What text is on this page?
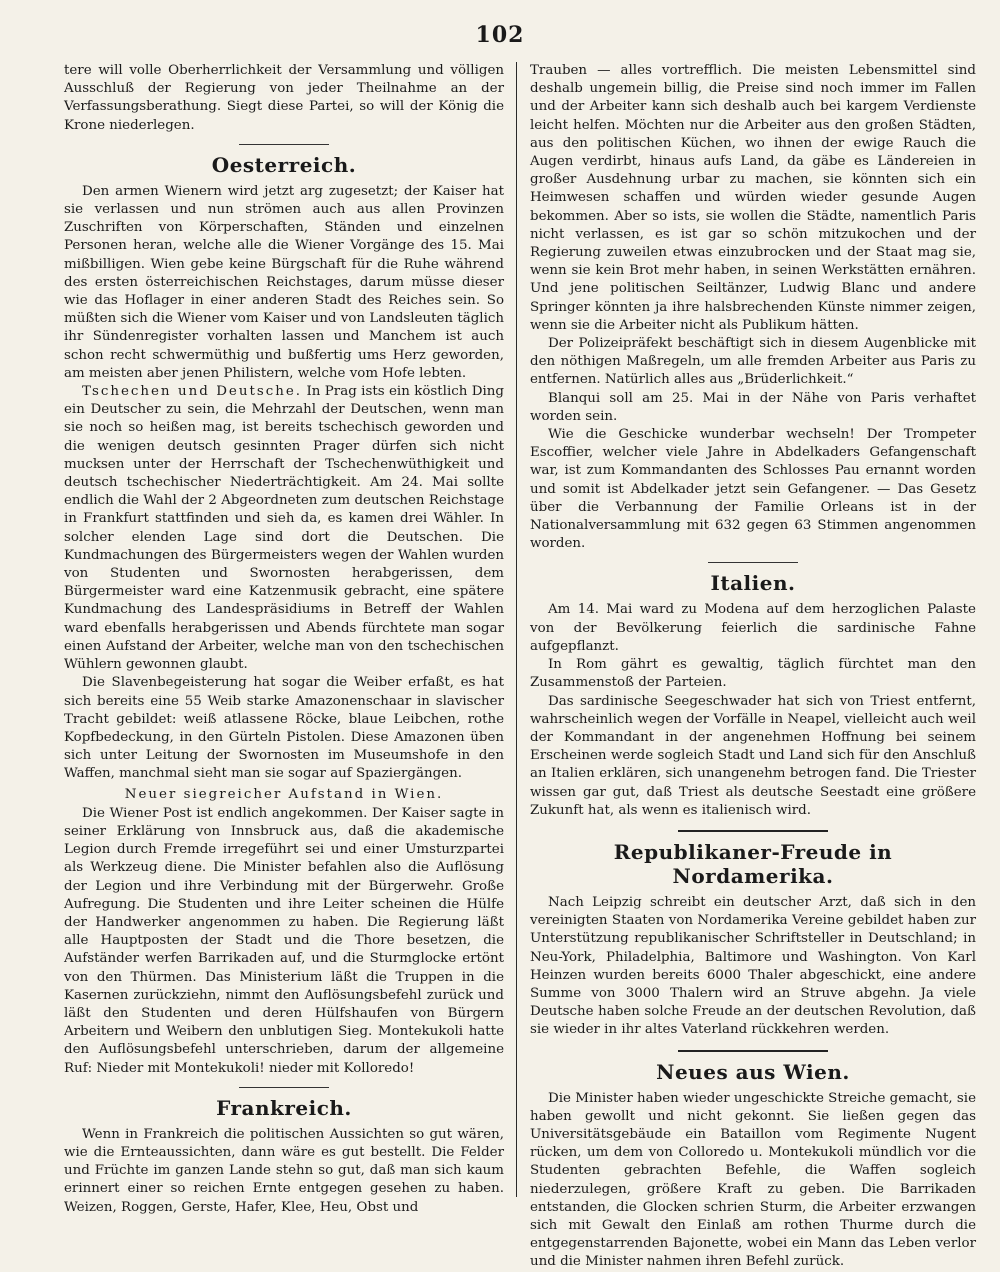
102

tere will volle Oberherrlichkeit der Versammlung und völligen Ausschluß der Regierung von jeder Theilnahme an der Verfassungsberathung. Siegt diese Partei, so will der König die Krone niederlegen.

Oesterreich.

Den armen Wienern wird jetzt arg zugesetzt; der Kaiser hat sie verlassen und nun strömen auch aus allen Provinzen Zuschriften von Körperschaften, Ständen und einzelnen Personen heran, welche alle die Wiener Vorgänge des 15. Mai mißbilligen. Wien gebe keine Bürgschaft für die Ruhe während des ersten österreichischen Reichstages, darum müsse dieser wie das Hoflager in einer anderen Stadt des Reiches sein. So müßten sich die Wiener vom Kaiser und von Landsleuten täglich ihr Sündenregister vorhalten lassen und Manchem ist auch schon recht schwermüthig und bußfertig ums Herz geworden, am meisten aber jenen Philistern, welche vom Hofe lebten.

Tschechen und Deutsche. In Prag ists ein köstlich Ding ein Deutscher zu sein, die Mehrzahl der Deutschen, wenn man sie noch so heißen mag, ist bereits tschechisch geworden und die wenigen deutsch gesinnten Prager dürfen sich nicht mucksen unter der Herrschaft der Tschechenwüthigkeit und deutsch tschechischer Niederträchtigkeit. Am 24. Mai sollte endlich die Wahl der 2 Abgeordneten zum deutschen Reichstage in Frankfurt stattfinden und sieh da, es kamen drei Wähler. In solcher elenden Lage sind dort die Deutschen. Die Kundmachungen des Bürgermeisters wegen der Wahlen wurden von Studenten und Swornosten herabgerissen, dem Bürgermeister ward eine Katzenmusik gebracht, eine spätere Kundmachung des Landespräsidiums in Betreff der Wahlen ward ebenfalls herabgerissen und Abends fürchtete man sogar einen Aufstand der Arbeiter, welche man von den tschechischen Wühlern gewonnen glaubt.

Die Slavenbegeisterung hat sogar die Weiber erfaßt, es hat sich bereits eine 55 Weib starke Amazonenschaar in slavischer Tracht gebildet: weiß atlassene Röcke, blaue Leibchen, rothe Kopfbedeckung, in den Gürteln Pistolen. Diese Amazonen üben sich unter Leitung der Swornosten im Museumshofe in den Waffen, manchmal sieht man sie sogar auf Spaziergängen.

Neuer siegreicher Aufstand in Wien.

Die Wiener Post ist endlich angekommen. Der Kaiser sagte in seiner Erklärung von Innsbruck aus, daß die akademische Legion durch Fremde irregeführt sei und einer Umsturzpartei als Werkzeug diene. Die Minister befahlen also die Auflösung der Legion und ihre Verbindung mit der Bürgerwehr. Große Aufregung. Die Studenten und ihre Leiter scheinen die Hülfe der Handwerker angenommen zu haben. Die Regierung läßt alle Hauptposten der Stadt und die Thore besetzen, die Aufständer werfen Barrikaden auf, und die Sturmglocke ertönt von den Thürmen. Das Ministerium läßt die Truppen in die Kasernen zurückziehn, nimmt den Auflösungsbefehl zurück und läßt den Studenten und deren Hülfshaufen von Bürgern Arbeitern und Weibern den unblutigen Sieg. Montekukoli hatte den Auflösungsbefehl unterschrieben, darum der allgemeine Ruf: Nieder mit Montekukoli! nieder mit Kolloredo!

Frankreich.

Wenn in Frankreich die politischen Aussichten so gut wären, wie die Ernteaussichten, dann wäre es gut bestellt. Die Felder und Früchte im ganzen Lande stehn so gut, daß man sich kaum erinnert einer so reichen Ernte entgegen gesehen zu haben. Weizen, Roggen, Gerste, Hafer, Klee, Heu, Obst und

Trauben — alles vortrefflich. Die meisten Lebensmittel sind deshalb ungemein billig, die Preise sind noch immer im Fallen und der Arbeiter kann sich deshalb auch bei kargem Verdienste leicht helfen. Möchten nur die Arbeiter aus den großen Städten, aus den politischen Küchen, wo ihnen der ewige Rauch die Augen verdirbt, hinaus aufs Land, da gäbe es Ländereien in großer Ausdehnung urbar zu machen, sie könnten sich ein Heimwesen schaffen und würden wieder gesunde Augen bekommen. Aber so ists, sie wollen die Städte, namentlich Paris nicht verlassen, es ist gar so schön mitzukochen und der Regierung zuweilen etwas einzubrocken und der Staat mag sie, wenn sie kein Brot mehr haben, in seinen Werkstätten ernähren. Und jene politischen Seiltänzer, Ludwig Blanc und andere Springer könnten ja ihre halsbrechenden Künste nimmer zeigen, wenn sie die Arbeiter nicht als Publikum hätten.

Der Polizeipräfekt beschäftigt sich in diesem Augenblicke mit den nöthigen Maßregeln, um alle fremden Arbeiter aus Paris zu entfernen. Natürlich alles aus „Brüderlichkeit.“

Blanqui soll am 25. Mai in der Nähe von Paris verhaftet worden sein.

Wie die Geschicke wunderbar wechseln! Der Trompeter Escoffier, welcher viele Jahre in Abdelkaders Gefangenschaft war, ist zum Kommandanten des Schlosses Pau ernannt worden und somit ist Abdelkader jetzt sein Gefangener. — Das Gesetz über die Verbannung der Familie Orleans ist in der Nationalversammlung mit 632 gegen 63 Stimmen angenommen worden.

Italien.

Am 14. Mai ward zu Modena auf dem herzoglichen Palaste von der Bevölkerung feierlich die sardinische Fahne aufgepflanzt.

In Rom gährt es gewaltig, täglich fürchtet man den Zusammenstoß der Parteien.

Das sardinische Seegeschwader hat sich von Triest entfernt, wahrscheinlich wegen der Vorfälle in Neapel, vielleicht auch weil der Kommandant in der angenehmen Hoffnung bei seinem Erscheinen werde sogleich Stadt und Land sich für den Anschluß an Italien erklären, sich unangenehm betrogen fand. Die Triester wissen gar gut, daß Triest als deutsche Seestadt eine größere Zukunft hat, als wenn es italienisch wird.

Republikaner-Freude in Nordamerika.

Nach Leipzig schreibt ein deutscher Arzt, daß sich in den vereinigten Staaten von Nordamerika Vereine gebildet haben zur Unterstützung republikanischer Schriftsteller in Deutschland; in Neu-York, Philadelphia, Baltimore und Washington. Von Karl Heinzen wurden bereits 6000 Thaler abgeschickt, eine andere Summe von 3000 Thalern wird an Struve abgehn. Ja viele Deutsche haben solche Freude an der deutschen Revolution, daß sie wieder in ihr altes Vaterland rückkehren werden.

Neues aus Wien.

Die Minister haben wieder ungeschickte Streiche gemacht, sie haben gewollt und nicht gekonnt. Sie ließen gegen das Universitätsgebäude ein Bataillon vom Regimente Nugent rücken, um dem von Colloredo u. Montekukoli mündlich vor die Studenten gebrachten Befehle, die Waffen sogleich niederzulegen, größere Kraft zu geben. Die Barrikaden entstanden, die Glocken schrien Sturm, die Arbeiter erzwangen sich mit Gewalt den Einlaß am rothen Thurme durch die entgegenstarrenden Bajonette, wobei ein Mann das Leben verlor und die Minister nahmen ihren Befehl zurück.
